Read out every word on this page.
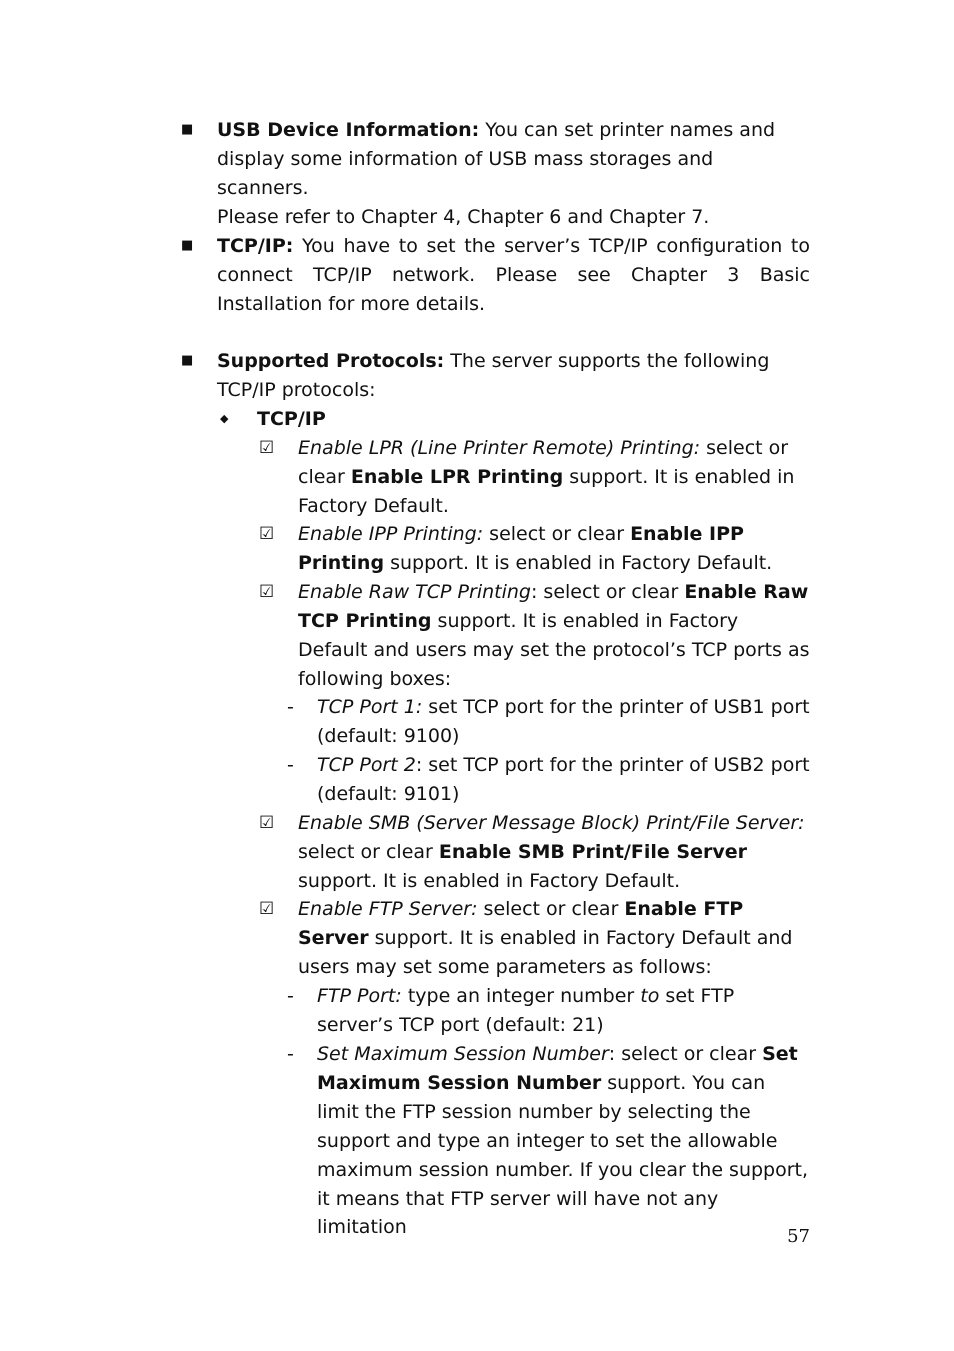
■ USB Device Information: You can set printer names and
display some information of USB mass storages and scanners.
Please refer to Chapter 4, Chapter 6 and Chapter 7.
■ TCP/IP: You have to set the server’s TCP/IP configuration to connect TCP/IP network. Please see Chapter 3 Basic Installation for more details.
■ Supported Protocols: The server supports the following
TCP/IP protocols:
◆ TCP/IP
☑ Enable LPR (Line Printer Remote) Printing: select or clear Enable LPR Printing support. It is enabled in Factory Default.
☑ Enable IPP Printing: select or clear Enable IPP Printing support. It is enabled in Factory Default.
☑ Enable Raw TCP Printing: select or clear Enable Raw TCP Printing support. It is enabled in Factory Default and users may set the protocol’s TCP ports as following boxes:
- TCP Port 1: set TCP port for the printer of USB1 port (default: 9100)
- TCP Port 2: set TCP port for the printer of USB2 port (default: 9101)
☑ Enable SMB (Server Message Block) Print/File Server: select or clear Enable SMB Print/File Server support. It is enabled in Factory Default.
☑ Enable FTP Server: select or clear Enable FTP Server support. It is enabled in Factory Default and users may set some parameters as follows:
- FTP Port: type an integer number to set FTP server’s TCP port (default: 21)
- Set Maximum Session Number: select or clear Set Maximum Session Number support. You can limit the FTP session number by selecting the support and type an integer to set the allowable maximum session number. If you clear the support, it means that FTP server will have not any limitation	57
